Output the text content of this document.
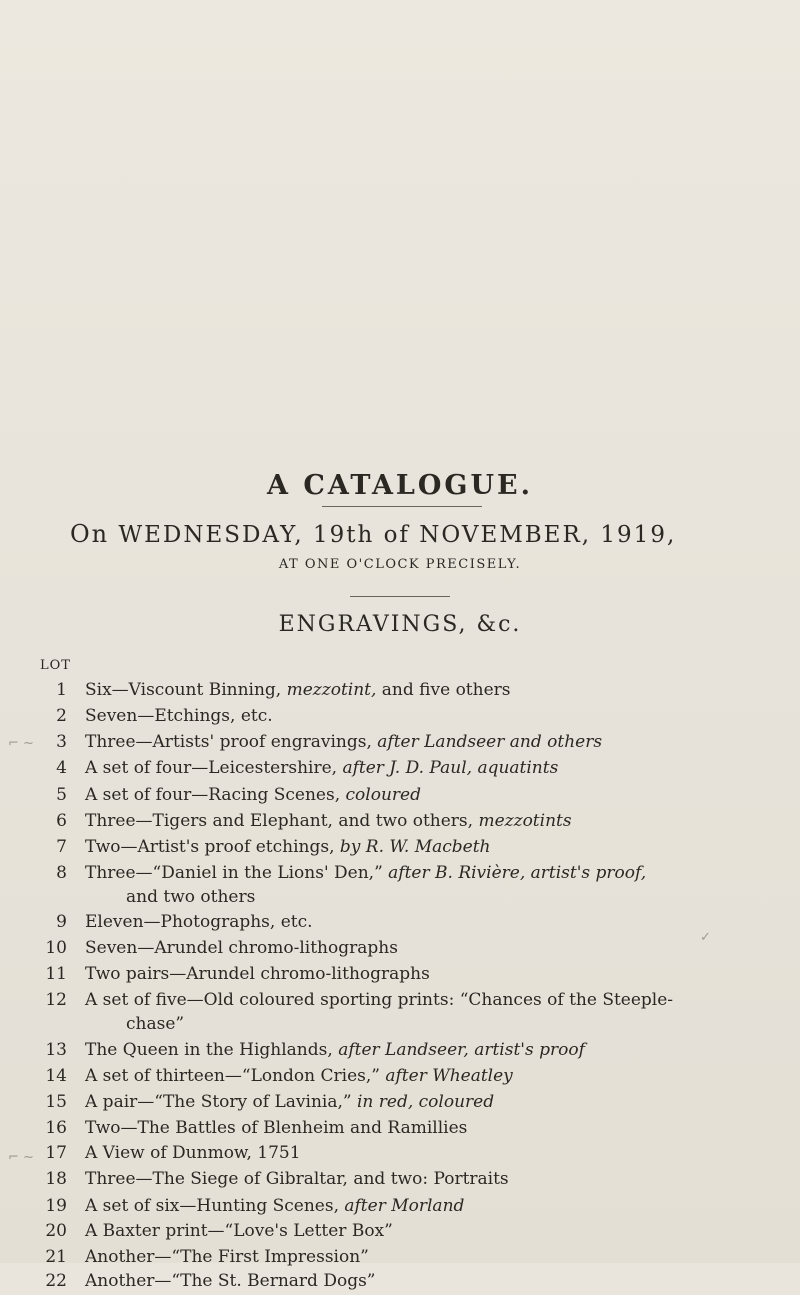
A CATALOGUE.
On WEDNESDAY, 19th of NOVEMBER, 1919,
AT ONE O'CLOCK PRECISELY.
ENGRAVINGS, &c.
LOT
1 Six—Viscount Binning, mezzotint, and five others
2 Seven—Etchings, etc.
3 Three—Artists' proof engravings, after Landseer and others
4 A set of four—Leicestershire, after J. D. Paul, aquatints
5 A set of four—Racing Scenes, coloured
6 Three—Tigers and Elephant, and two others, mezzotints
7 Two—Artist's proof etchings, by R. W. Macbeth
8 Three—“Daniel in the Lions' Den,” after B. Rivière, artist's proof,
9 Eleven—Photographs, etc.
10 Seven—Arundel chromo-lithographs
11 Two pairs—Arundel chromo-lithographs
12 A set of five—Old coloured sporting prints: “Chances of the Steeple-
13 The Queen in the Highlands, after Landseer, artist's proof
14 A set of thirteen—“London Cries,” after Wheatley
15 A pair—“The Story of Lavinia,” in red, coloured
16 Two—The Battles of Blenheim and Ramillies
17 A View of Dunmow, 1751
18 Three—The Siege of Gibraltar, and two: Portraits
19 A set of six—Hunting Scenes, after Morland
20 A Baxter print—“Love's Letter Box”
21 Another—“The First Impression”
22 Another—“The St. Bernard Dogs”
and two others
chase”
⌐ ~
✓
⌐ ~
